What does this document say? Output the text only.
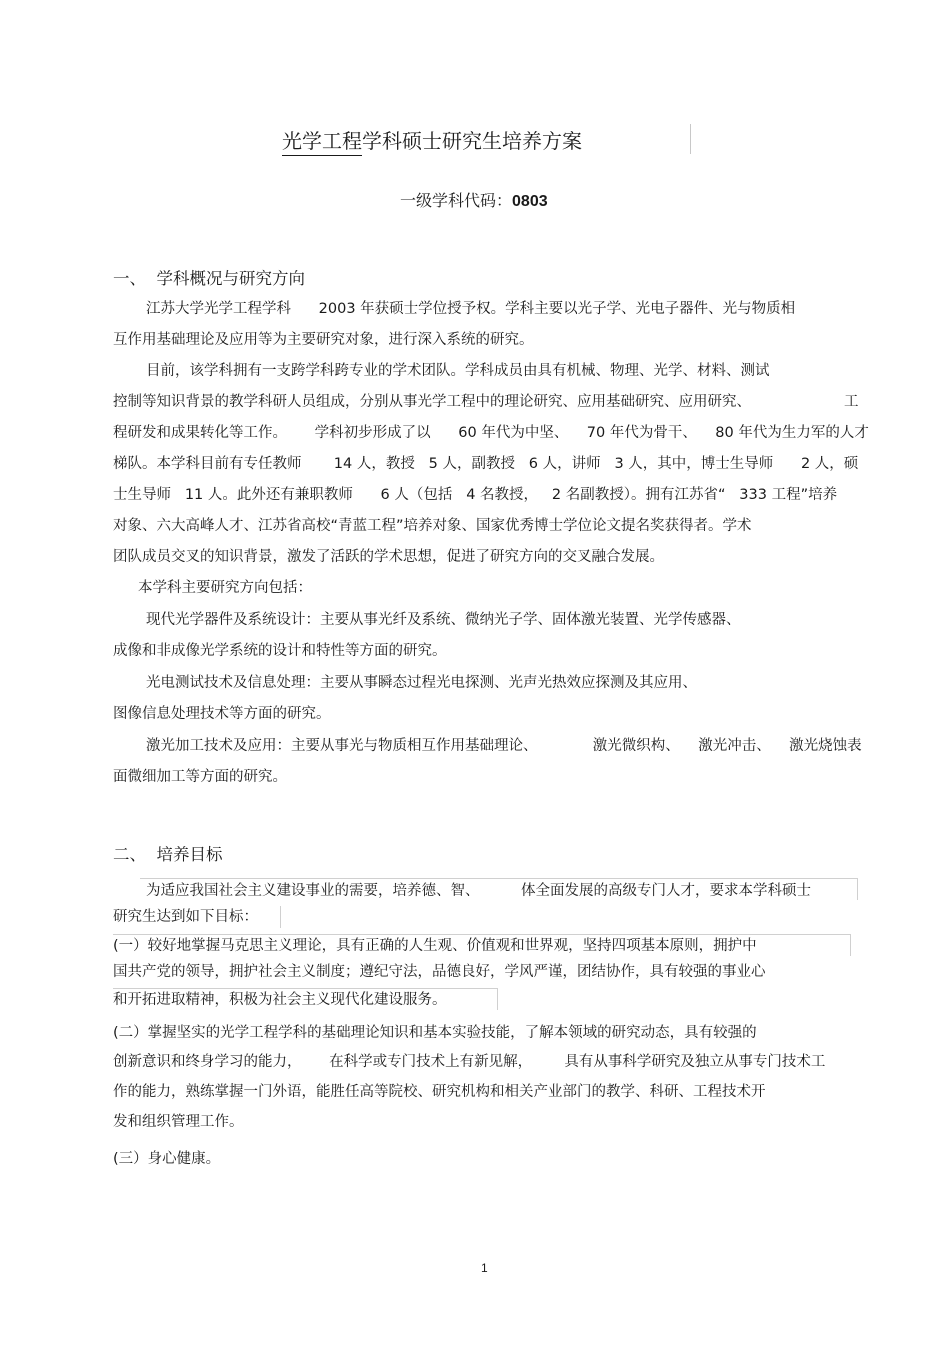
光学工程学科硕士研究生培养方案
一级学科代码：0803
一、  学科概况与研究方向
江苏大学光学工程学科      2003 年获硕士学位授予权。学科主要以光子学、光电子器件、光与物质相
互作用基础理论及应用等为主要研究对象，进行深入系统的研究。
目前，该学科拥有一支跨学科跨专业的学术团队。学科成员由具有机械、物理、光学、材料、测试
控制等知识背景的教学科研人员组成，分别从事光学工程中的理论研究、应用基础研究、应用研究、	工
程研发和成果转化等工作。      学科初步形成了以      60 年代为中坚、    70 年代为骨干、    80 年代为生力军的人才
梯队。本学科目前有专任教师       14 人，教授   5 人，副教授   6 人，讲师   3 人，其中，博士生导师      2 人，硕
士生导师   11 人。此外还有兼职教师      6 人（包括   4 名教授，   2 名副教授）。拥有江苏省“   333 工程”培养
对象、六大高峰人才、江苏省高校“青蓝工程”培养对象、国家优秀博士学位论文提名奖获得者。学术
团队成员交叉的知识背景，激发了活跃的学术思想，促进了研究方向的交叉融合发展。
本学科主要研究方向包括：
现代光学器件及系统设计：主要从事光纤及系统、微纳光子学、固体激光装置、光学传感器、
成像和非成像光学系统的设计和特性等方面的研究。
光电测试技术及信息处理：主要从事瞬态过程光电探测、光声光热效应探测及其应用、
图像信息处理技术等方面的研究。
激光加工技术及应用：主要从事光与物质相互作用基础理论、            激光微织构、    激光冲击、    激光烧蚀表
面微细加工等方面的研究。
二、  培养目标
为适应我国社会主义建设事业的需要，培养德、智、         体全面发展的高级专门人才，要求本学科硕士
研究生达到如下目标：
(一）较好地掌握马克思主义理论，具有正确的人生观、价值观和世界观，坚持四项基本原则，拥护中
国共产党的领导，拥护社会主义制度；遵纪守法，品德良好，学风严谨，团结协作，具有较强的事业心
和开拓进取精神，积极为社会主义现代化建设服务。
(二）掌握坚实的光学工程学科的基础理论知识和基本实验技能，了解本领域的研究动态，具有较强的
创新意识和终身学习的能力，      在科学或专门技术上有新见解，       具有从事科学研究及独立从事专门技术工
作的能力，熟练掌握一门外语，能胜任高等院校、研究机构和相关产业部门的教学、科研、工程技术开
发和组织管理工作。
(三）身心健康。
1
